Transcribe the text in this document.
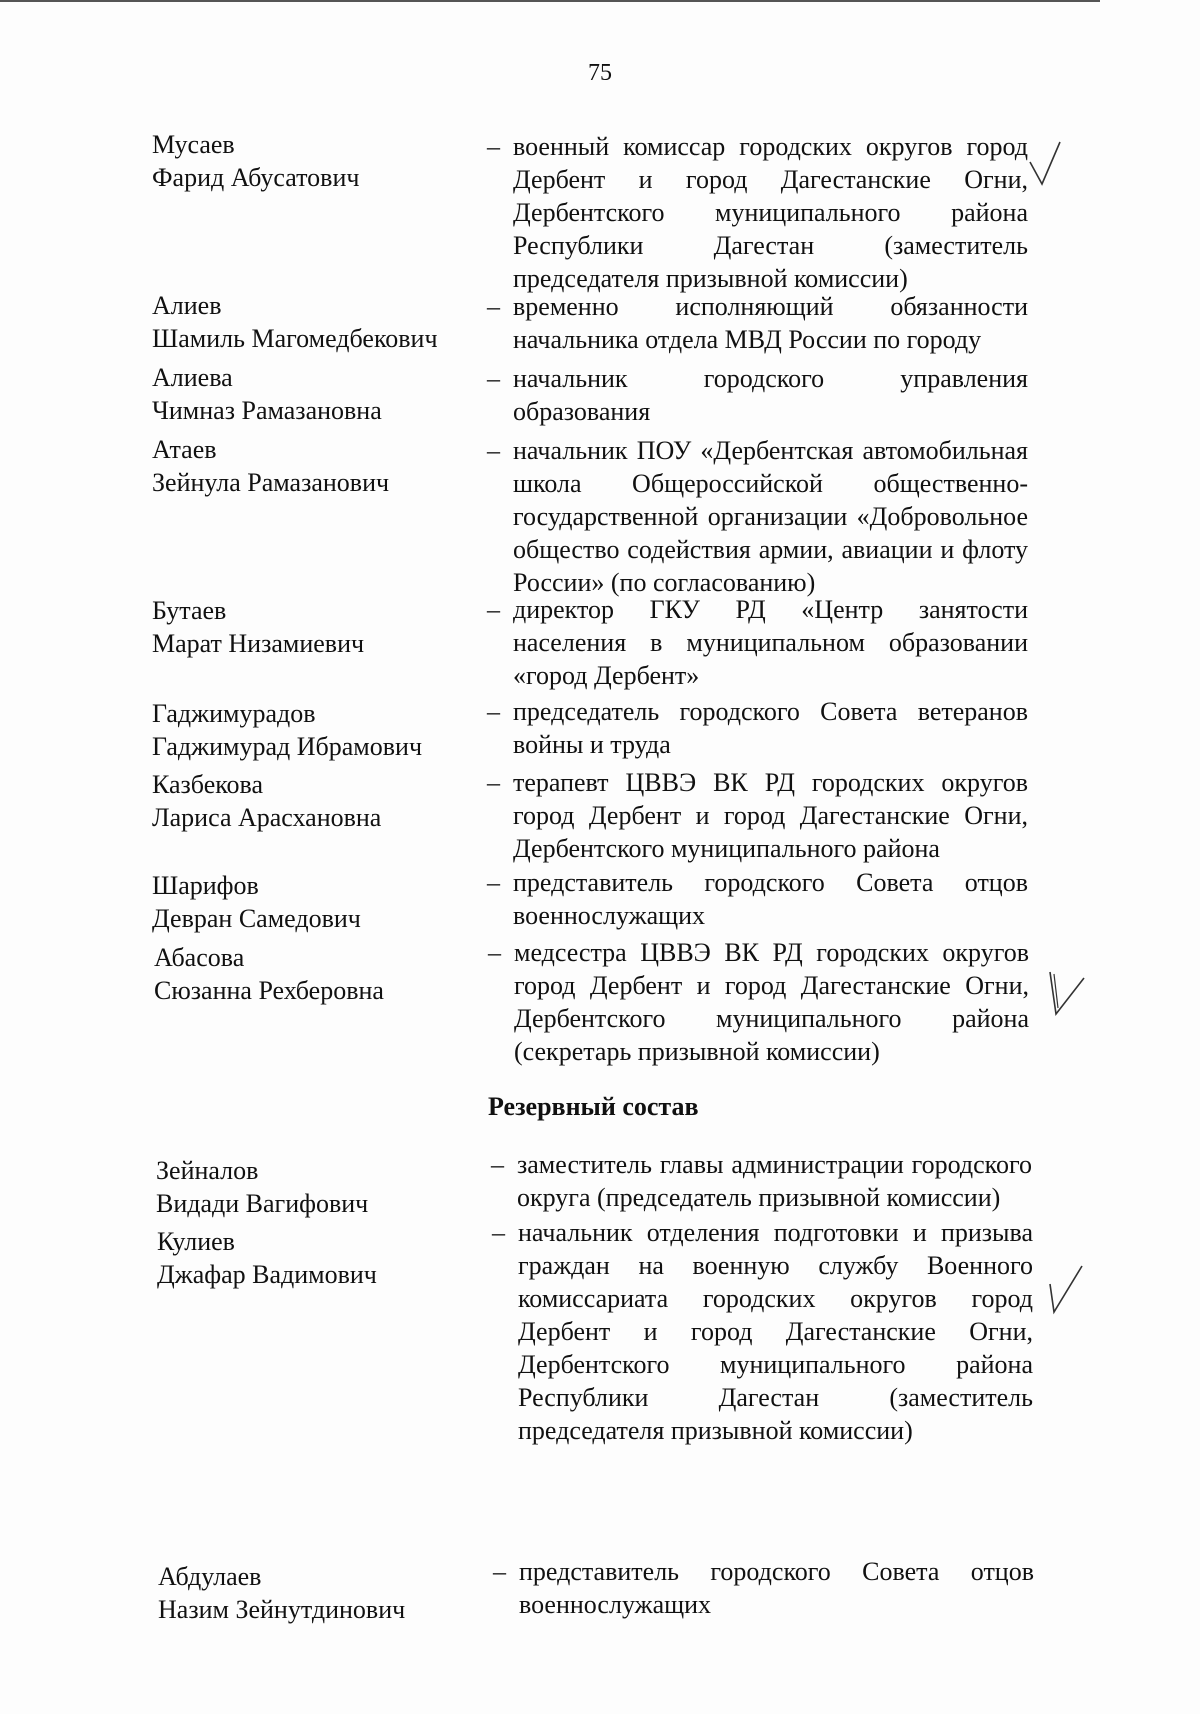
75
Мусаев
Фарид Абусатович
– военный комиссар городских округов город Дербент и город Дагестанские Огни, Дербентского муниципального района Республики Дагестан (заместитель председателя призывной комиссии)
Алиев
Шамиль Магомедбекович
– временно исполняющий обязанности начальника отдела МВД России по городу
Алиева
Чимназ Рамазановна
– начальник городского управления образования
Атаев
Зейнула Рамазанович
– начальник ПОУ «Дербентская автомобильная школа Общероссийской общественно-государственной организации «Добровольное общество содействия армии, авиации и флоту России» (по согласованию)
Бутаев
Марат Низамиевич
– директор ГКУ РД «Центр занятости населения в муниципальном образовании «город Дербент»
Гаджимурадов
Гаджимурад Ибрамович
– председатель городского Совета ветеранов войны и труда
Казбекова
Лариса Арасхановна
– терапевт ЦВВЭ ВК РД городских округов город Дербент и город Дагестанские Огни, Дербентского муниципального района
Шарифов
Девран Самедович
– представитель городского Совета отцов военнослужащих
Абасова
Сюзанна Рехберовна
– медсестра ЦВВЭ ВК РД городских округов город Дербент и город Дагестанские Огни, Дербентского муниципального района (секретарь призывной комиссии)
Резервный состав
Зейналов
Видади Вагифович
– заместитель главы администрации городского округа (председатель призывной комиссии)
Кулиев
Джафар Вадимович
– начальник отделения подготовки и призыва граждан на военную службу Военного комиссариата городских округов город Дербент и город Дагестанские Огни, Дербентского муниципального района Республики Дагестан (заместитель председателя призывной комиссии)
Абдулаев
Назим Зейнутдинович
– представитель городского Совета отцов военнослужащих
